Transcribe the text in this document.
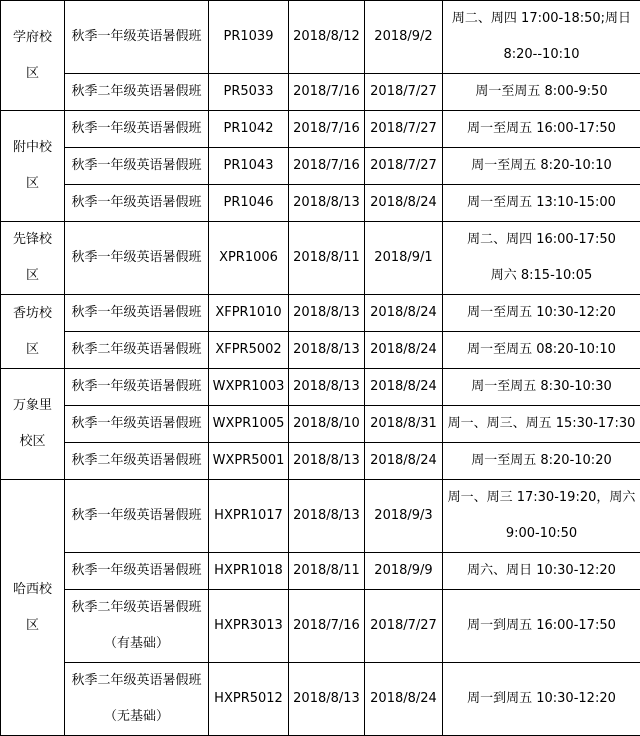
学府校区	秋季一年级英语暑假班	PR1039	2018/8/12	2018/9/2	周二、周四 17:00-18:50;周日
8:20--10:10

	秋季二年级英语暑假班	PR5033	2018/7/16	2018/7/27	周一至周五 8:00-9:50

附中校区	秋季一年级英语暑假班	PR1042	2018/7/16	2018/7/27	周一至周五 16:00-17:50

	秋季一年级英语暑假班	PR1043	2018/7/16	2018/7/27	周一至周五 8:20-10:10

	秋季一年级英语暑假班	PR1046	2018/8/13	2018/8/24	周一至周五 13:10-15:00

先锋校区	秋季一年级英语暑假班	XPR1006	2018/8/11	2018/9/1	周二、周四 16:00-17:50
周六 8:15-10:05

香坊校区	秋季一年级英语暑假班	XFPR1010	2018/8/13	2018/8/24	周一至周五 10:30-12:20

	秋季二年级英语暑假班	XFPR5002	2018/8/13	2018/8/24	周一至周五 08:20-10:10

万象里校区	秋季一年级英语暑假班	WXPR1003	2018/8/13	2018/8/24	周一至周五 8:30-10:30

	秋季一年级英语暑假班	WXPR1005	2018/8/10	2018/8/31	周一、周三、周五 15:30-17:30

	秋季二年级英语暑假班	WXPR5001	2018/8/13	2018/8/24	周一至周五 8:20-10:20

哈西校区	秋季一年级英语暑假班	HXPR1017	2018/8/13	2018/9/3	周一、周三 17:30-19:20，周六
9:00-10:50

	秋季一年级英语暑假班	HXPR1018	2018/8/11	2018/9/9	周六、周日 10:30-12:20

	秋季二年级英语暑假班
（有基础）	HXPR3013	2018/7/16	2018/7/27	周一到周五 16:00-17:50

	秋季二年级英语暑假班
（无基础）	HXPR5012	2018/8/13	2018/8/24	周一到周五 10:30-12:20
